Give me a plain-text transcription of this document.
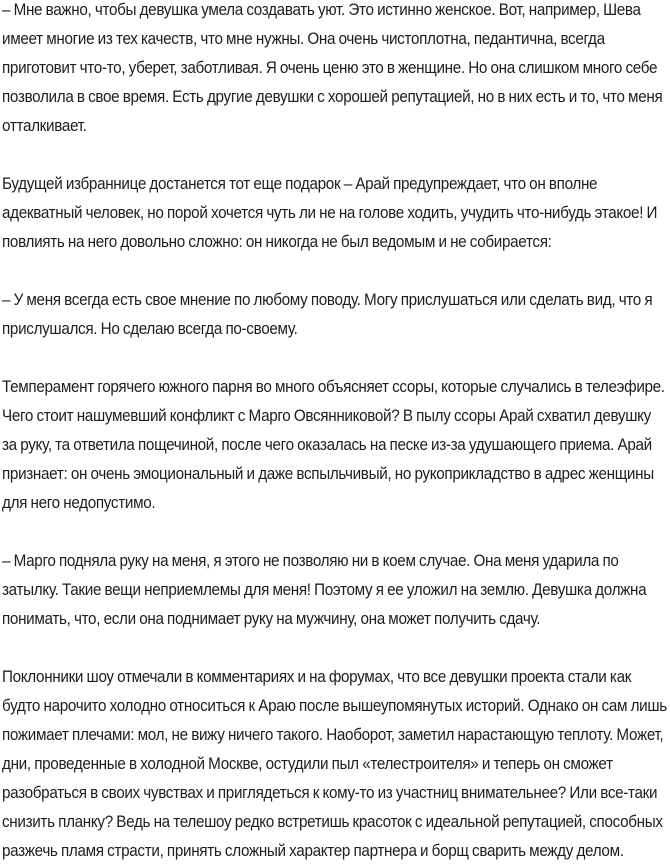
– Мне важно, чтобы девушка умела создавать уют. Это истинно женское. Вот, например, Шева имеет многие из тех качеств, что мне нужны. Она очень чистоплотна, педантична, всегда приготовит что-то, уберет, заботливая. Я очень ценю это в женщине. Но она слишком много себе позволила в свое время. Есть другие девушки с хорошей репутацией, но в них есть и то, что меня отталкивает.

Будущей избраннице достанется тот еще подарок – Арай предупреждает, что он вполне адекватный человек, но порой хочется чуть ли не на голове ходить, учудить что-нибудь этакое! И повлиять на него довольно сложно: он никогда не был ведомым и не собирается:

– У меня всегда есть свое мнение по любому поводу. Могу прислушаться или сделать вид, что я прислушался. Но сделаю всегда по-своему.

Темперамент горячего южного парня во много объясняет ссоры, которые случались в телеэфире. Чего стоит нашумевший конфликт с Марго Овсянниковой? В пылу ссоры Арай схватил девушку за руку, та ответила пощечиной, после чего оказалась на песке из-за удушающего приема. Арай признает: он очень эмоциональный и даже вспыльчивый, но рукоприкладство в адрес женщины для него недопустимо.

– Марго подняла руку на меня, я этого не позволяю ни в коем случае. Она меня ударила по затылку. Такие вещи неприемлемы для меня! Поэтому я ее уложил на землю. Девушка должна понимать, что, если она поднимает руку на мужчину, она может получить сдачу.

Поклонники шоу отмечали в комментариях и на форумах, что все девушки проекта стали как будто нарочито холодно относиться к Араю после вышеупомянутых историй. Однако он сам лишь пожимает плечами: мол, не вижу ничего такого. Наоборот, заметил нарастающую теплоту. Может, дни, проведенные в холодной Москве, остудили пыл «телестроителя» и теперь он сможет разобраться в своих чувствах и приглядеться к кому-то из участниц внимательнее? Или все-таки снизить планку? Ведь на телешоу редко встретишь красоток с идеальной репутацией, способных разжечь пламя страсти, принять сложный характер партнера и борщ сварить между делом.
